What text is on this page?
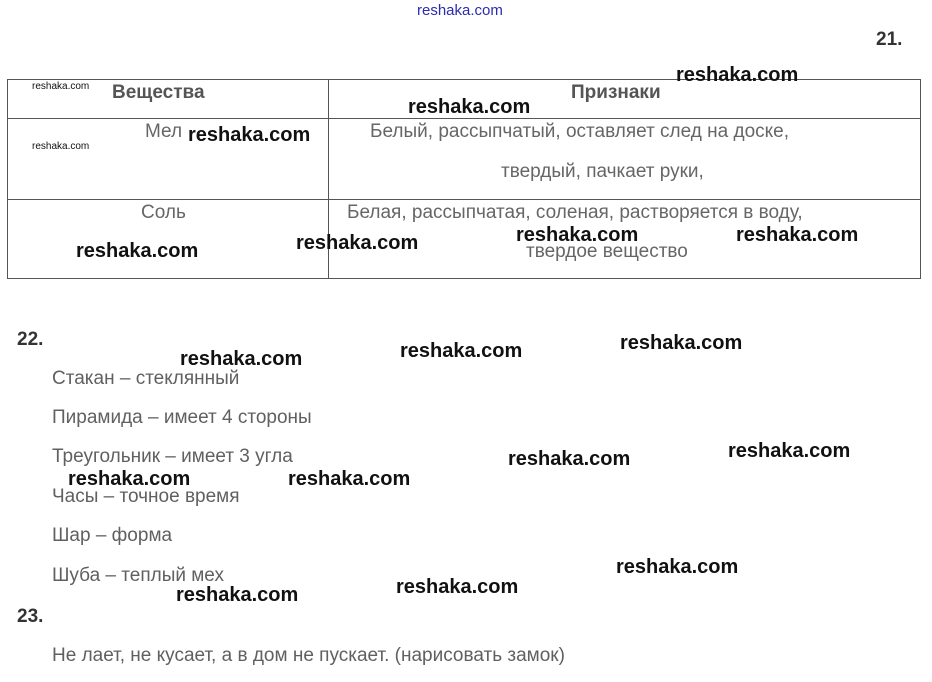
reshaka.com
21.
Вещества	Признаки
Мел	Белый, рассыпчатый, оставляет след на доске,
твердый, пачкает руки,
Соль	Белая, рассыпчатая, соленая, растворяется в воду,
твердое вещество
22.
Стакан – стеклянный
Пирамида – имеет 4 стороны
Треугольник – имеет 3 угла
Часы – точное время
Шар – форма
Шуба – теплый мех
23.
Не лает, не кусает, а в дом не пускает. (нарисовать замок)
reshaka.com
reshaka.com
reshaka.com
reshaka.com
reshaka.com
reshaka.com	reshaka.com	reshaka.com
reshaka.com
reshaka.com	reshaka.com	reshaka.com
reshaka.com
reshaka.com
reshaka.com	reshaka.com
reshaka.com
reshaka.com
reshaka.com
